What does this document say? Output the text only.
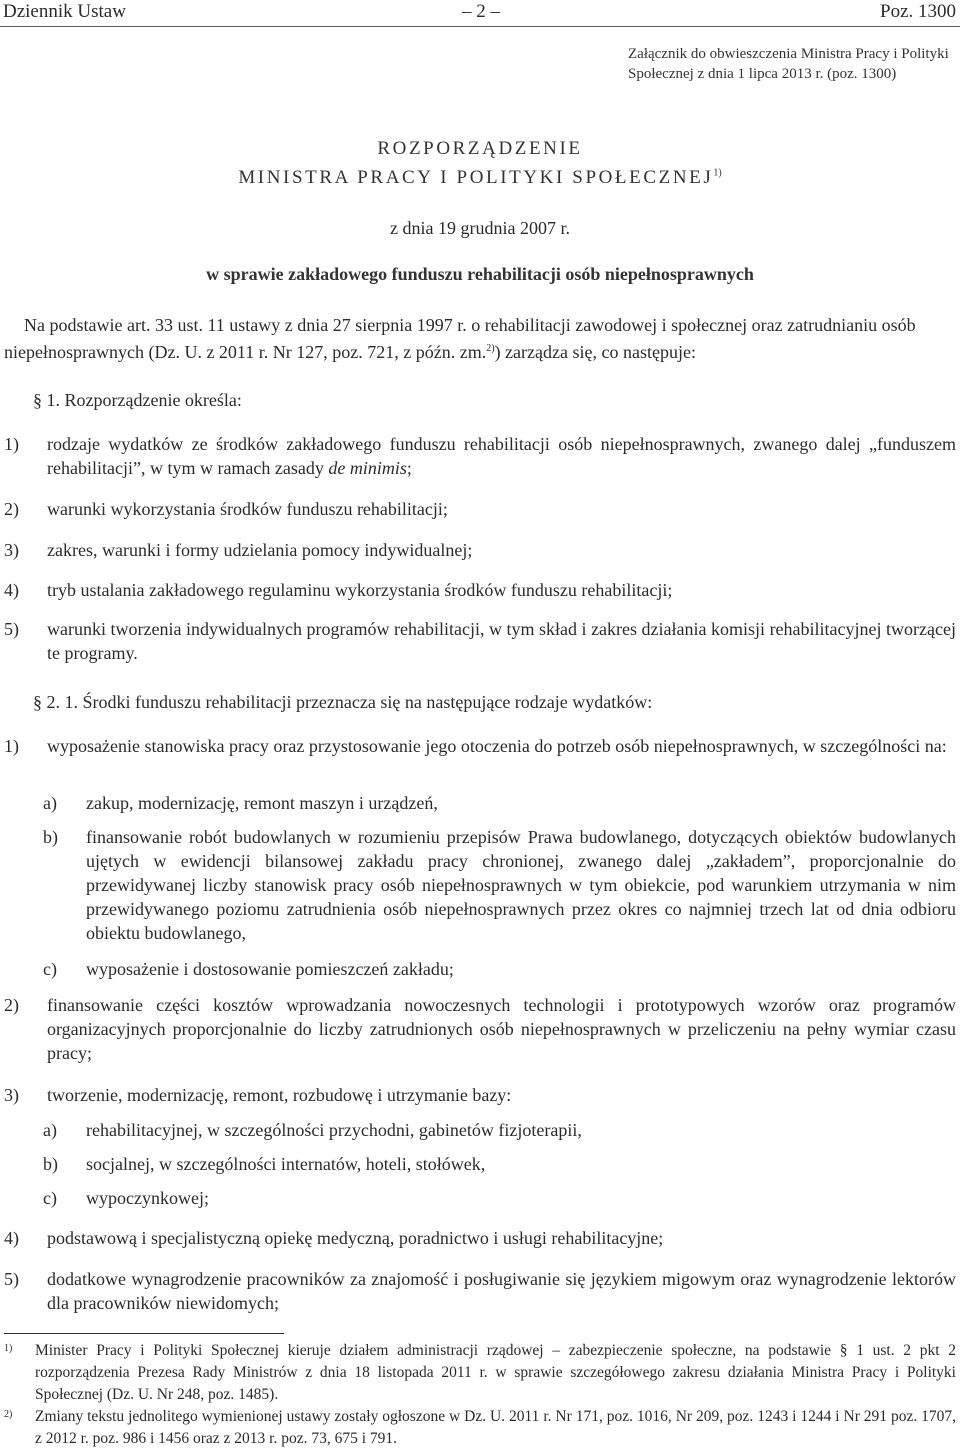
Dziennik Ustaw	– 2 –	Poz. 1300
Załącznik do obwieszczenia Ministra Pracy i Polityki Społecznej z dnia 1 lipca 2013 r. (poz. 1300)
ROZPORZĄDZENIE
MINISTRA PRACY I POLITYKI SPOŁECZNEJ$^{1)}$
z dnia 19 grudnia 2007 r.
w sprawie zakładowego funduszu rehabilitacji osób niepełnosprawnych
Na podstawie art. 33 ust. 11 ustawy z dnia 27 sierpnia 1997 r. o rehabilitacji zawodowej i społecznej oraz zatrudnianiu osób niepełnosprawnych (Dz. U. z 2011 r. Nr 127, poz. 721, z późn. zm.$^{2)}$) zarządza się, co następuje:
§ 1. Rozporządzenie określa:
1) rodzaje wydatków ze środków zakładowego funduszu rehabilitacji osób niepełnosprawnych, zwanego dalej „funduszem rehabilitacji”, w tym w ramach zasady de minimis;
2) warunki wykorzystania środków funduszu rehabilitacji;
3) zakres, warunki i formy udzielania pomocy indywidualnej;
4) tryb ustalania zakładowego regulaminu wykorzystania środków funduszu rehabilitacji;
5) warunki tworzenia indywidualnych programów rehabilitacji, w tym skład i zakres działania komisji rehabilitacyjnej tworzącej te programy.
§ 2. 1. Środki funduszu rehabilitacji przeznacza się na następujące rodzaje wydatków:
1) wyposażenie stanowiska pracy oraz przystosowanie jego otoczenia do potrzeb osób niepełnosprawnych, w szczególności na:
a) zakup, modernizację, remont maszyn i urządzeń,
b) finansowanie robót budowlanych w rozumieniu przepisów Prawa budowlanego, dotyczących obiektów budowlanych ujętych w ewidencji bilansowej zakładu pracy chronionej, zwanego dalej „zakładem”, proporcjonalnie do przewidywanej liczby stanowisk pracy osób niepełnosprawnych w tym obiekcie, pod warunkiem utrzymania w nim przewidywanego poziomu zatrudnienia osób niepełnosprawnych przez okres co najmniej trzech lat od dnia odbioru obiektu budowlanego,
c) wyposażenie i dostosowanie pomieszczeń zakładu;
2) finansowanie części kosztów wprowadzania nowoczesnych technologii i prototypowych wzorów oraz programów organizacyjnych proporcjonalnie do liczby zatrudnionych osób niepełnosprawnych w przeliczeniu na pełny wymiar czasu pracy;
3) tworzenie, modernizację, remont, rozbudowę i utrzymanie bazy:
a) rehabilitacyjnej, w szczególności przychodni, gabinetów fizjoterapii,
b) socjalnej, w szczególności internatów, hoteli, stołówek,
c) wypoczynkowej;
4) podstawową i specjalistyczną opiekę medyczną, poradnictwo i usługi rehabilitacyjne;
5) dodatkowe wynagrodzenie pracowników za znajomość i posługiwanie się językiem migowym oraz wynagrodzenie lektorów dla pracowników niewidomych;
1) Minister Pracy i Polityki Społecznej kieruje działem administracji rządowej – zabezpieczenie społeczne, na podstawie § 1 ust. 2 pkt 2 rozporządzenia Prezesa Rady Ministrów z dnia 18 listopada 2011 r. w sprawie szczegółowego zakresu działania Ministra Pracy i Polityki Społecznej (Dz. U. Nr 248, poz. 1485).
2) Zmiany tekstu jednolitego wymienionej ustawy zostały ogłoszone w Dz. U. 2011 r. Nr 171, poz. 1016, Nr 209, poz. 1243 i 1244 i Nr 291 poz. 1707, z 2012 r. poz. 986 i 1456 oraz z 2013 r. poz. 73, 675 i 791.
